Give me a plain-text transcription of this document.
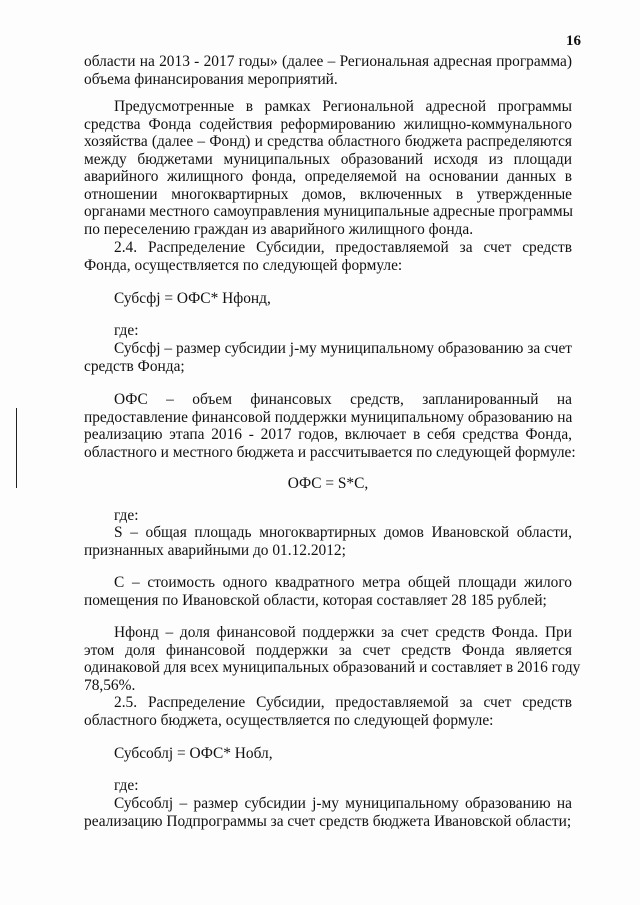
16
области на 2013 - 2017 годы» (далее – Региональная адресная программа)
объема финансирования мероприятий.
Предусмотренные в рамках Региональной адресной программы
средства Фонда содействия реформированию жилищно-коммунального
хозяйства (далее – Фонд) и средства областного бюджета распределяются
между бюджетами муниципальных образований исходя из площади
аварийного жилищного фонда, определяемой на основании данных в
отношении многоквартирных домов, включенных в утвержденные
органами местного самоуправления муниципальные адресные программы
по переселению граждан из аварийного жилищного фонда.
2.4. Распределение Субсидии, предоставляемой за счет средств
Фонда, осуществляется по следующей формуле:
Субсфj = ОФС* Нфонд,
где:
Субсфj – размер субсидии j-му муниципальному образованию за счет
средств Фонда;
ОФС – объем финансовых средств, запланированный на
предоставление финансовой поддержки муниципальному образованию на
реализацию этапа 2016 - 2017 годов, включает в себя средства Фонда,
областного и местного бюджета и рассчитывается по следующей формуле:
ОФС = S*C,
где:
S – общая площадь многоквартирных домов Ивановской области,
признанных аварийными до 01.12.2012;
С – стоимость одного квадратного метра общей площади жилого
помещения по Ивановской области, которая составляет 28 185 рублей;
Нфонд – доля финансовой поддержки за счет средств Фонда. При
этом доля финансовой поддержки за счет средств Фонда является
одинаковой для всех муниципальных образований и составляет в 2016 году
78,56%.
2.5. Распределение Субсидии, предоставляемой за счет средств
областного бюджета, осуществляется по следующей формуле:
Субсоблj = ОФС* Нобл,
где:
Субсоблj – размер субсидии j-му муниципальному образованию на
реализацию Подпрограммы за счет средств бюджета Ивановской области;
